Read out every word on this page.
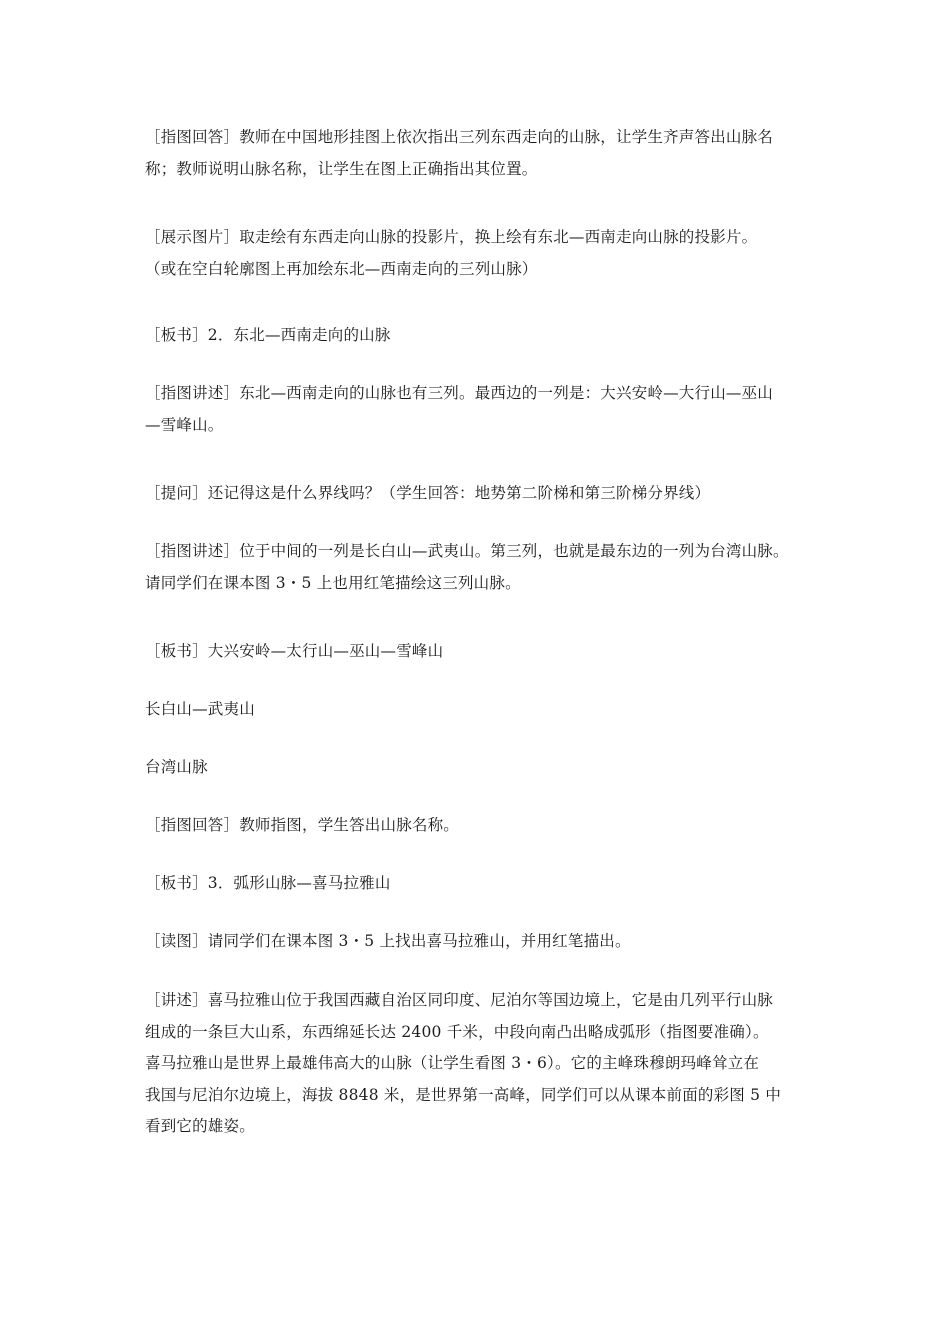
［指图回答］教师在中国地形挂图上依次指出三列东西走向的山脉，让学生齐声答出山脉名
称；教师说明山脉名称，让学生在图上正确指出其位置。

［展示图片］取走绘有东西走向山脉的投影片，换上绘有东北—西南走向山脉的投影片。
（或在空白轮廓图上再加绘东北—西南走向的三列山脉）

［板书］2．东北—西南走向的山脉

［指图讲述］东北—西南走向的山脉也有三列。最西边的一列是：大兴安岭—大行山—巫山
—雪峰山。

［提问］还记得这是什么界线吗？（学生回答：地势第二阶梯和第三阶梯分界线）

［指图讲述］位于中间的一列是长白山—武夷山。第三列，也就是最东边的一列为台湾山脉。
请同学们在课本图 3・5 上也用红笔描绘这三列山脉。

［板书］大兴安岭—太行山—巫山—雪峰山

长白山—武夷山

台湾山脉

［指图回答］教师指图，学生答出山脉名称。

［板书］3．弧形山脉—喜马拉雅山

［读图］请同学们在课本图 3・5 上找出喜马拉雅山，并用红笔描出。

［讲述］喜马拉雅山位于我国西藏自治区同印度、尼泊尔等国边境上，它是由几列平行山脉
组成的一条巨大山系，东西绵延长达 2400 千米，中段向南凸出略成弧形（指图要准确）。
喜马拉雅山是世界上最雄伟高大的山脉（让学生看图 3・6）。它的主峰珠穆朗玛峰耸立在
我国与尼泊尔边境上，海拔 8848 米，是世界第一高峰，同学们可以从课本前面的彩图 5 中
看到它的雄姿。
